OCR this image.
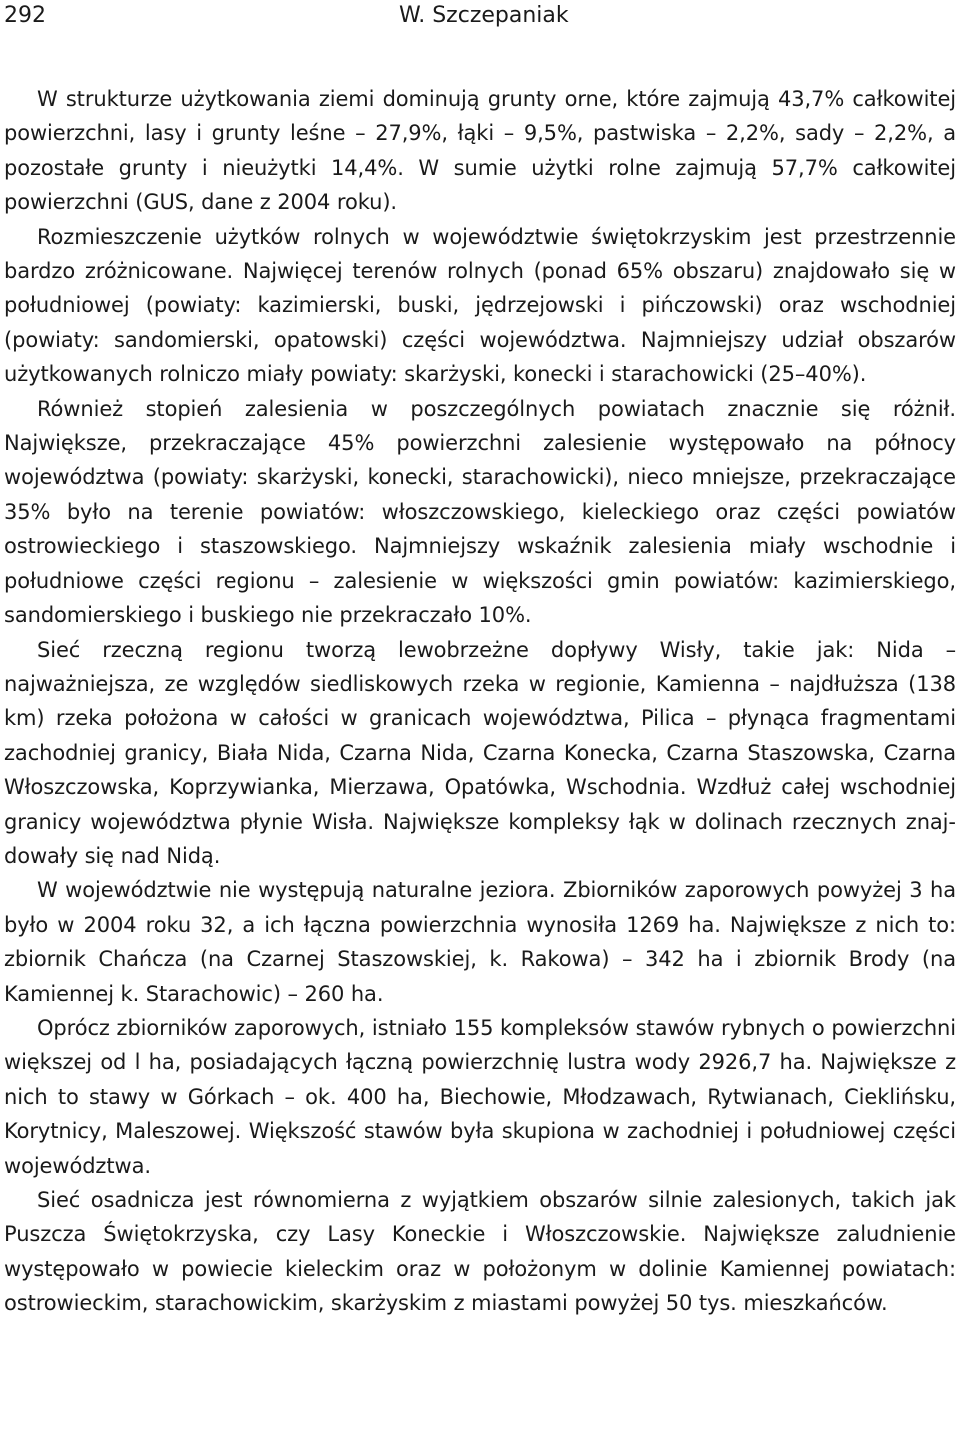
292	W. Szczepaniak

W strukturze użytkowania ziemi dominują grunty orne, które zajmują 43,7% całkowitej powierzchni, lasy i grunty leśne – 27,9%, łąki – 9,5%, pastwiska – 2,2%, sady – 2,2%, a pozostałe grunty i nieużytki 14,4%. W sumie użytki rolne zajmują 57,7% całkowitej powierzchni (GUS, dane z 2004 roku).

Rozmieszczenie użytków rolnych w województwie świętokrzyskim jest przestrzennie bardzo zróżnicowane. Najwięcej terenów rolnych (ponad 65% obszaru) znajdowało się w południowej (powiaty: kazimierski, buski, jędrzejowski i pińczowski) oraz wschodniej (powiaty: sandomierski, opatowski) części województwa. Najmniejszy udział obszarów użytkowanych rolniczo miały powiaty: skarżyski, konecki i starachowicki (25–40%).

Również stopień zalesienia w poszczególnych powiatach znacznie się różnił. Największe, przekraczające 45% powierzchni zalesienie występowało na północy województwa (powiaty: skarżyski, konecki, starachowicki), nieco mniejsze, przekraczające 35% było na terenie powiatów: włoszczowskiego, kieleckiego oraz części powiatów ostrowieckiego i staszowskiego. Najmniejszy wskaźnik zalesienia miały wschodnie i południowe części regionu – zalesienie w większości gmin powiatów: kazimierskiego, sandomierskiego i buskiego nie przekraczało 10%.

Sieć rzeczną regionu tworzą lewobrzeżne dopływy Wisły, takie jak: Nida – najważniejsza, ze względów siedliskowych rzeka w regionie, Kamienna – najdłuższa (138 km) rzeka położona w całości w granicach województwa, Pilica – płynąca fragmentami zachodniej granicy, Biała Nida, Czarna Nida, Czarna Konecka, Czarna Staszowska, Czarna Włoszczowska, Koprzywianka, Mierzawa, Opatówka, Wschodnia. Wzdłuż całej wschodniej granicy województwa płynie Wisła. Największe kompleksy łąk w dolinach rzecznych znajdowały się nad Nidą.

W województwie nie występują naturalne jeziora. Zbiorników zaporowych powyżej 3 ha było w 2004 roku 32, a ich łączna powierzchnia wynosiła 1269 ha. Największe z nich to: zbiornik Chańcza (na Czarnej Staszowskiej, k. Rakowa) – 342 ha i zbiornik Brody (na Kamiennej k. Starachowic) – 260 ha.

Oprócz zbiorników zaporowych, istniało 155 kompleksów stawów rybnych o powierzchni większej od l ha, posiadających łączną powierzchnię lustra wody 2926,7 ha. Największe z nich to stawy w Górkach – ok. 400 ha, Biechowie, Młodzawach, Rytwianach, Cieklińsku, Korytnicy, Maleszowej. Większość stawów była skupiona w zachodniej i południowej części województwa.

Sieć osadnicza jest równomierna z wyjątkiem obszarów silnie zalesionych, takich jak Puszcza Świętokrzyska, czy Lasy Koneckie i Włoszczowskie. Największe zaludnienie występowało w powiecie kieleckim oraz w położonym w dolinie Kamiennej powiatach: ostrowieckim, starachowickim, skarżyskim z miastami powyżej 50 tys. mieszkańców.
